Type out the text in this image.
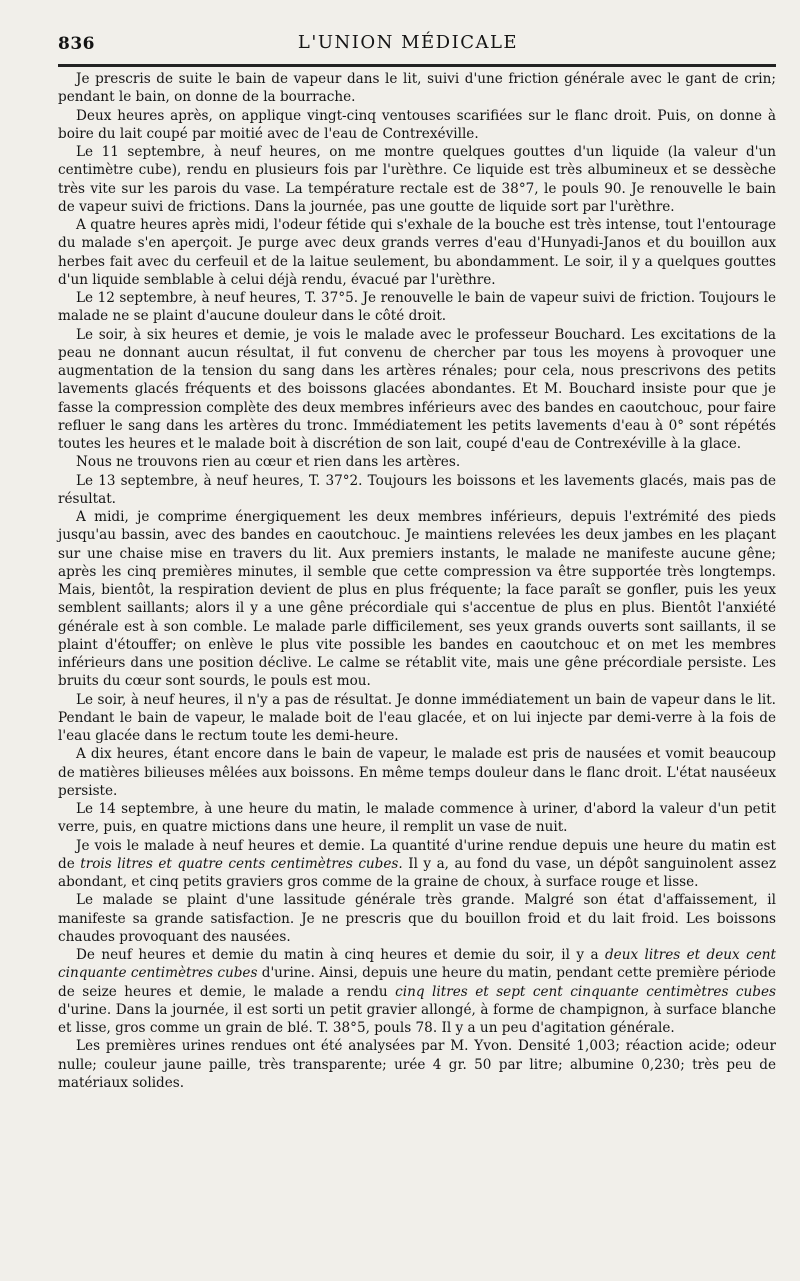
836	L'UNION MÉDICALE

Je prescris de suite le bain de vapeur dans le lit, suivi d'une friction générale avec le gant de crin; pendant le bain, on donne de la bourrache.

Deux heures après, on applique vingt-cinq ventouses scarifiées sur le flanc droit. Puis, on donne à boire du lait coupé par moitié avec de l'eau de Contrexéville.

Le 11 septembre, à neuf heures, on me montre quelques gouttes d'un liquide (la valeur d'un centimètre cube), rendu en plusieurs fois par l'urèthre. Ce liquide est très albumineux et se dessèche très vite sur les parois du vase. La température rectale est de 38°7, le pouls 90. Je renouvelle le bain de vapeur suivi de frictions. Dans la journée, pas une goutte de liquide sort par l'urèthre.

A quatre heures après midi, l'odeur fétide qui s'exhale de la bouche est très intense, tout l'entourage du malade s'en aperçoit. Je purge avec deux grands verres d'eau d'Hunyadi-Janos et du bouillon aux herbes fait avec du cerfeuil et de la laitue seulement, bu abondamment. Le soir, il y a quelques gouttes d'un liquide semblable à celui déjà rendu, évacué par l'urèthre.

Le 12 septembre, à neuf heures, T. 37°5. Je renouvelle le bain de vapeur suivi de friction. Toujours le malade ne se plaint d'aucune douleur dans le côté droit.

Le soir, à six heures et demie, je vois le malade avec le professeur Bouchard. Les excitations de la peau ne donnant aucun résultat, il fut convenu de chercher par tous les moyens à provoquer une augmentation de la tension du sang dans les artères rénales; pour cela, nous prescrivons des petits lavements glacés fréquents et des boissons glacées abondantes. Et M. Bouchard insiste pour que je fasse la compression complète des deux membres inférieurs avec des bandes en caoutchouc, pour faire refluer le sang dans les artères du tronc. Immédiatement les petits lavements d'eau à 0° sont répétés toutes les heures et le malade boit à discrétion de son lait, coupé d'eau de Contrexéville à la glace.

Nous ne trouvons rien au cœur et rien dans les artères.

Le 13 septembre, à neuf heures, T. 37°2. Toujours les boissons et les lavements glacés, mais pas de résultat.

A midi, je comprime énergiquement les deux membres inférieurs, depuis l'extrémité des pieds jusqu'au bassin, avec des bandes en caoutchouc. Je maintiens relevées les deux jambes en les plaçant sur une chaise mise en travers du lit. Aux premiers instants, le malade ne manifeste aucune gêne; après les cinq premières minutes, il semble que cette compression va être supportée très longtemps. Mais, bientôt, la respiration devient de plus en plus fréquente; la face paraît se gonfler, puis les yeux semblent saillants; alors il y a une gêne précordiale qui s'accentue de plus en plus. Bientôt l'anxiété générale est à son comble. Le malade parle difficilement, ses yeux grands ouverts sont saillants, il se plaint d'étouffer; on enlève le plus vite possible les bandes en caoutchouc et on met les membres inférieurs dans une position déclive. Le calme se rétablit vite, mais une gêne précordiale persiste. Les bruits du cœur sont sourds, le pouls est mou.

Le soir, à neuf heures, il n'y a pas de résultat. Je donne immédiatement un bain de vapeur dans le lit. Pendant le bain de vapeur, le malade boit de l'eau glacée, et on lui injecte par demi-verre à la fois de l'eau glacée dans le rectum toute les demi-heure.

A dix heures, étant encore dans le bain de vapeur, le malade est pris de nausées et vomit beaucoup de matières bilieuses mêlées aux boissons. En même temps douleur dans le flanc droit. L'état nauséeux persiste.

Le 14 septembre, à une heure du matin, le malade commence à uriner, d'abord la valeur d'un petit verre, puis, en quatre mictions dans une heure, il remplit un vase de nuit.

Je vois le malade à neuf heures et demie. La quantité d'urine rendue depuis une heure du matin est de trois litres et quatre cents centimètres cubes. Il y a, au fond du vase, un dépôt sanguinolent assez abondant, et cinq petits graviers gros comme de la graine de choux, à surface rouge et lisse.

Le malade se plaint d'une lassitude générale très grande. Malgré son état d'affaissement, il manifeste sa grande satisfaction. Je ne prescris que du bouillon froid et du lait froid. Les boissons chaudes provoquant des nausées.

De neuf heures et demie du matin à cinq heures et demie du soir, il y a deux litres et deux cent cinquante centimètres cubes d'urine. Ainsi, depuis une heure du matin, pendant cette première période de seize heures et demie, le malade a rendu cinq litres et sept cent cinquante centimètres cubes d'urine. Dans la journée, il est sorti un petit gravier allongé, à forme de champignon, à surface blanche et lisse, gros comme un grain de blé. T. 38°5, pouls 78. Il y a un peu d'agitation générale.

Les premières urines rendues ont été analysées par M. Yvon. Densité 1,003; réaction acide; odeur nulle; couleur jaune paille, très transparente; urée 4 gr. 50 par litre; albumine 0,230; très peu de matériaux solides.
